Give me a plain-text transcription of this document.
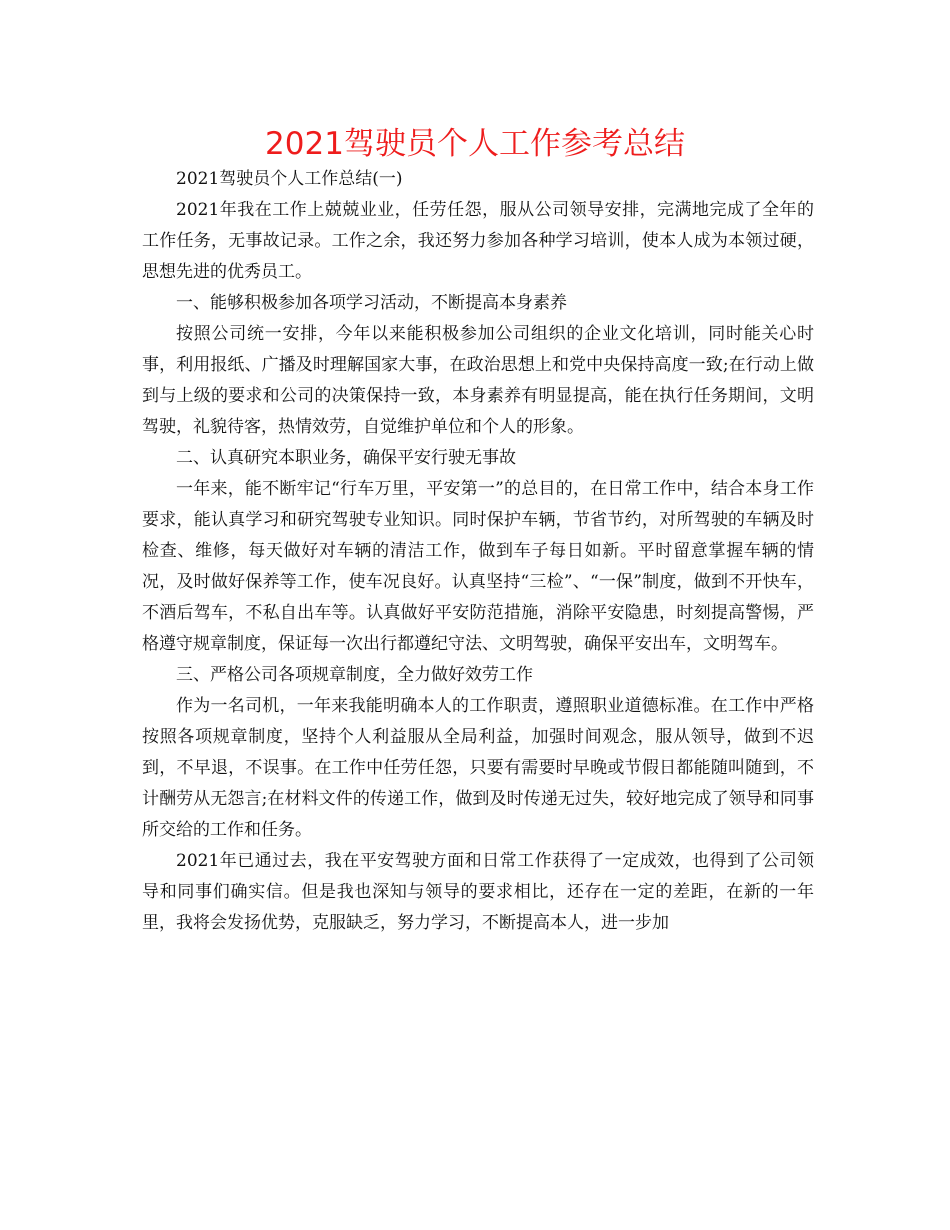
2021驾驶员个人工作参考总结

2021驾驶员个人工作总结(一)

2021年我在工作上兢兢业业，任劳任怨，服从公司领导安排，完满地完成了全年的工作任务，无事故记录。工作之余，我还努力参加各种学习培训，使本人成为本领过硬，思想先进的优秀员工。

一、能够积极参加各项学习活动，不断提高本身素养

按照公司统一安排，今年以来能积极参加公司组织的企业文化培训，同时能关心时事，利用报纸、广播及时理解国家大事，在政治思想上和党中央保持高度一致;在行动上做到与上级的要求和公司的决策保持一致，本身素养有明显提高，能在执行任务期间，文明驾驶，礼貌待客，热情效劳，自觉维护单位和个人的形象。

二、认真研究本职业务，确保平安行驶无事故

一年来，能不断牢记“行车万里，平安第一”的总目的，在日常工作中，结合本身工作要求，能认真学习和研究驾驶专业知识。同时保护车辆，节省节约，对所驾驶的车辆及时检查、维修，每天做好对车辆的清洁工作，做到车子每日如新。平时留意掌握车辆的情况，及时做好保养等工作，使车况良好。认真坚持“三检”、“一保”制度，做到不开快车，不酒后驾车，不私自出车等。认真做好平安防范措施，消除平安隐患，时刻提高警惕，严格遵守规章制度，保证每一次出行都遵纪守法、文明驾驶，确保平安出车，文明驾车。

三、严格公司各项规章制度，全力做好效劳工作

作为一名司机，一年来我能明确本人的工作职责，遵照职业道德标准。在工作中严格按照各项规章制度，坚持个人利益服从全局利益，加强时间观念，服从领导，做到不迟到，不早退，不误事。在工作中任劳任怨，只要有需要时早晚或节假日都能随叫随到，不计酬劳从无怨言;在材料文件的传递工作，做到及时传递无过失，较好地完成了领导和同事所交给的工作和任务。

2021年已通过去，我在平安驾驶方面和日常工作获得了一定成效，也得到了公司领导和同事们确实信。但是我也深知与领导的要求相比，还存在一定的差距，在新的一年里，我将会发扬优势，克服缺乏，努力学习，不断提高本人，进一步加
